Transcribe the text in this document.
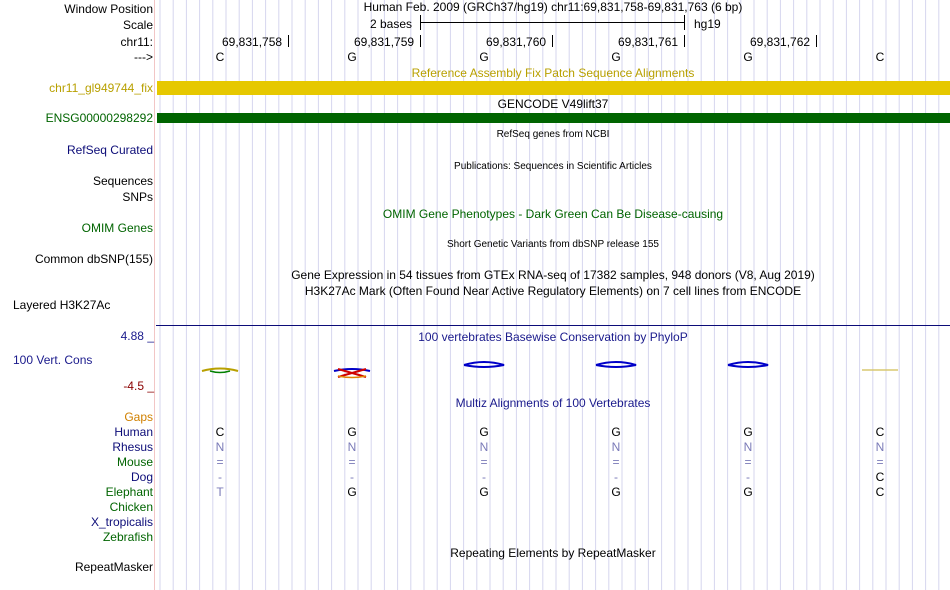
Window Position	Human Feb. 2009 (GRCh37/hg19) chr11:69,831,758-69,831,763 (6 bp)
Scale	2 bases	hg19
chr11:	69,831,758	69,831,759	69,831,760	69,831,761	69,831,762
--->	C	G	G	G	G	C
Reference Assembly Fix Patch Sequence Alignments
chr11_gl949744_fix
GENCODE V49lift37
ENSG00000298292
RefSeq genes from NCBI
RefSeq Curated
Publications: Sequences in Scientific Articles
Sequences
SNPs
OMIM Gene Phenotypes - Dark Green Can Be Disease-causing
OMIM Genes
Short Genetic Variants from dbSNP release 155
Common dbSNP(155)
Gene Expression in 54 tissues from GTEx RNA-seq of 17382 samples, 948 donors (V8, Aug 2019)
H3K27Ac Mark (Often Found Near Active Regulatory Elements) on 7 cell lines from ENCODE
Layered H3K27Ac
100 vertebrates Basewise Conservation by PhyloP
4.88 _
100 Vert. Cons
-4.5 _
Multiz Alignments of 100 Vertebrates
Gaps
Human	C	G	G	G	G	C
Rhesus	N	N	N	N	N	N
Mouse	=	=	=	=	=	=
Dog	-	-	-	-	-	C
Elephant	T	G	G	G	G	C
Chicken
X_tropicalis
Zebrafish
Repeating Elements by RepeatMasker
RepeatMasker
